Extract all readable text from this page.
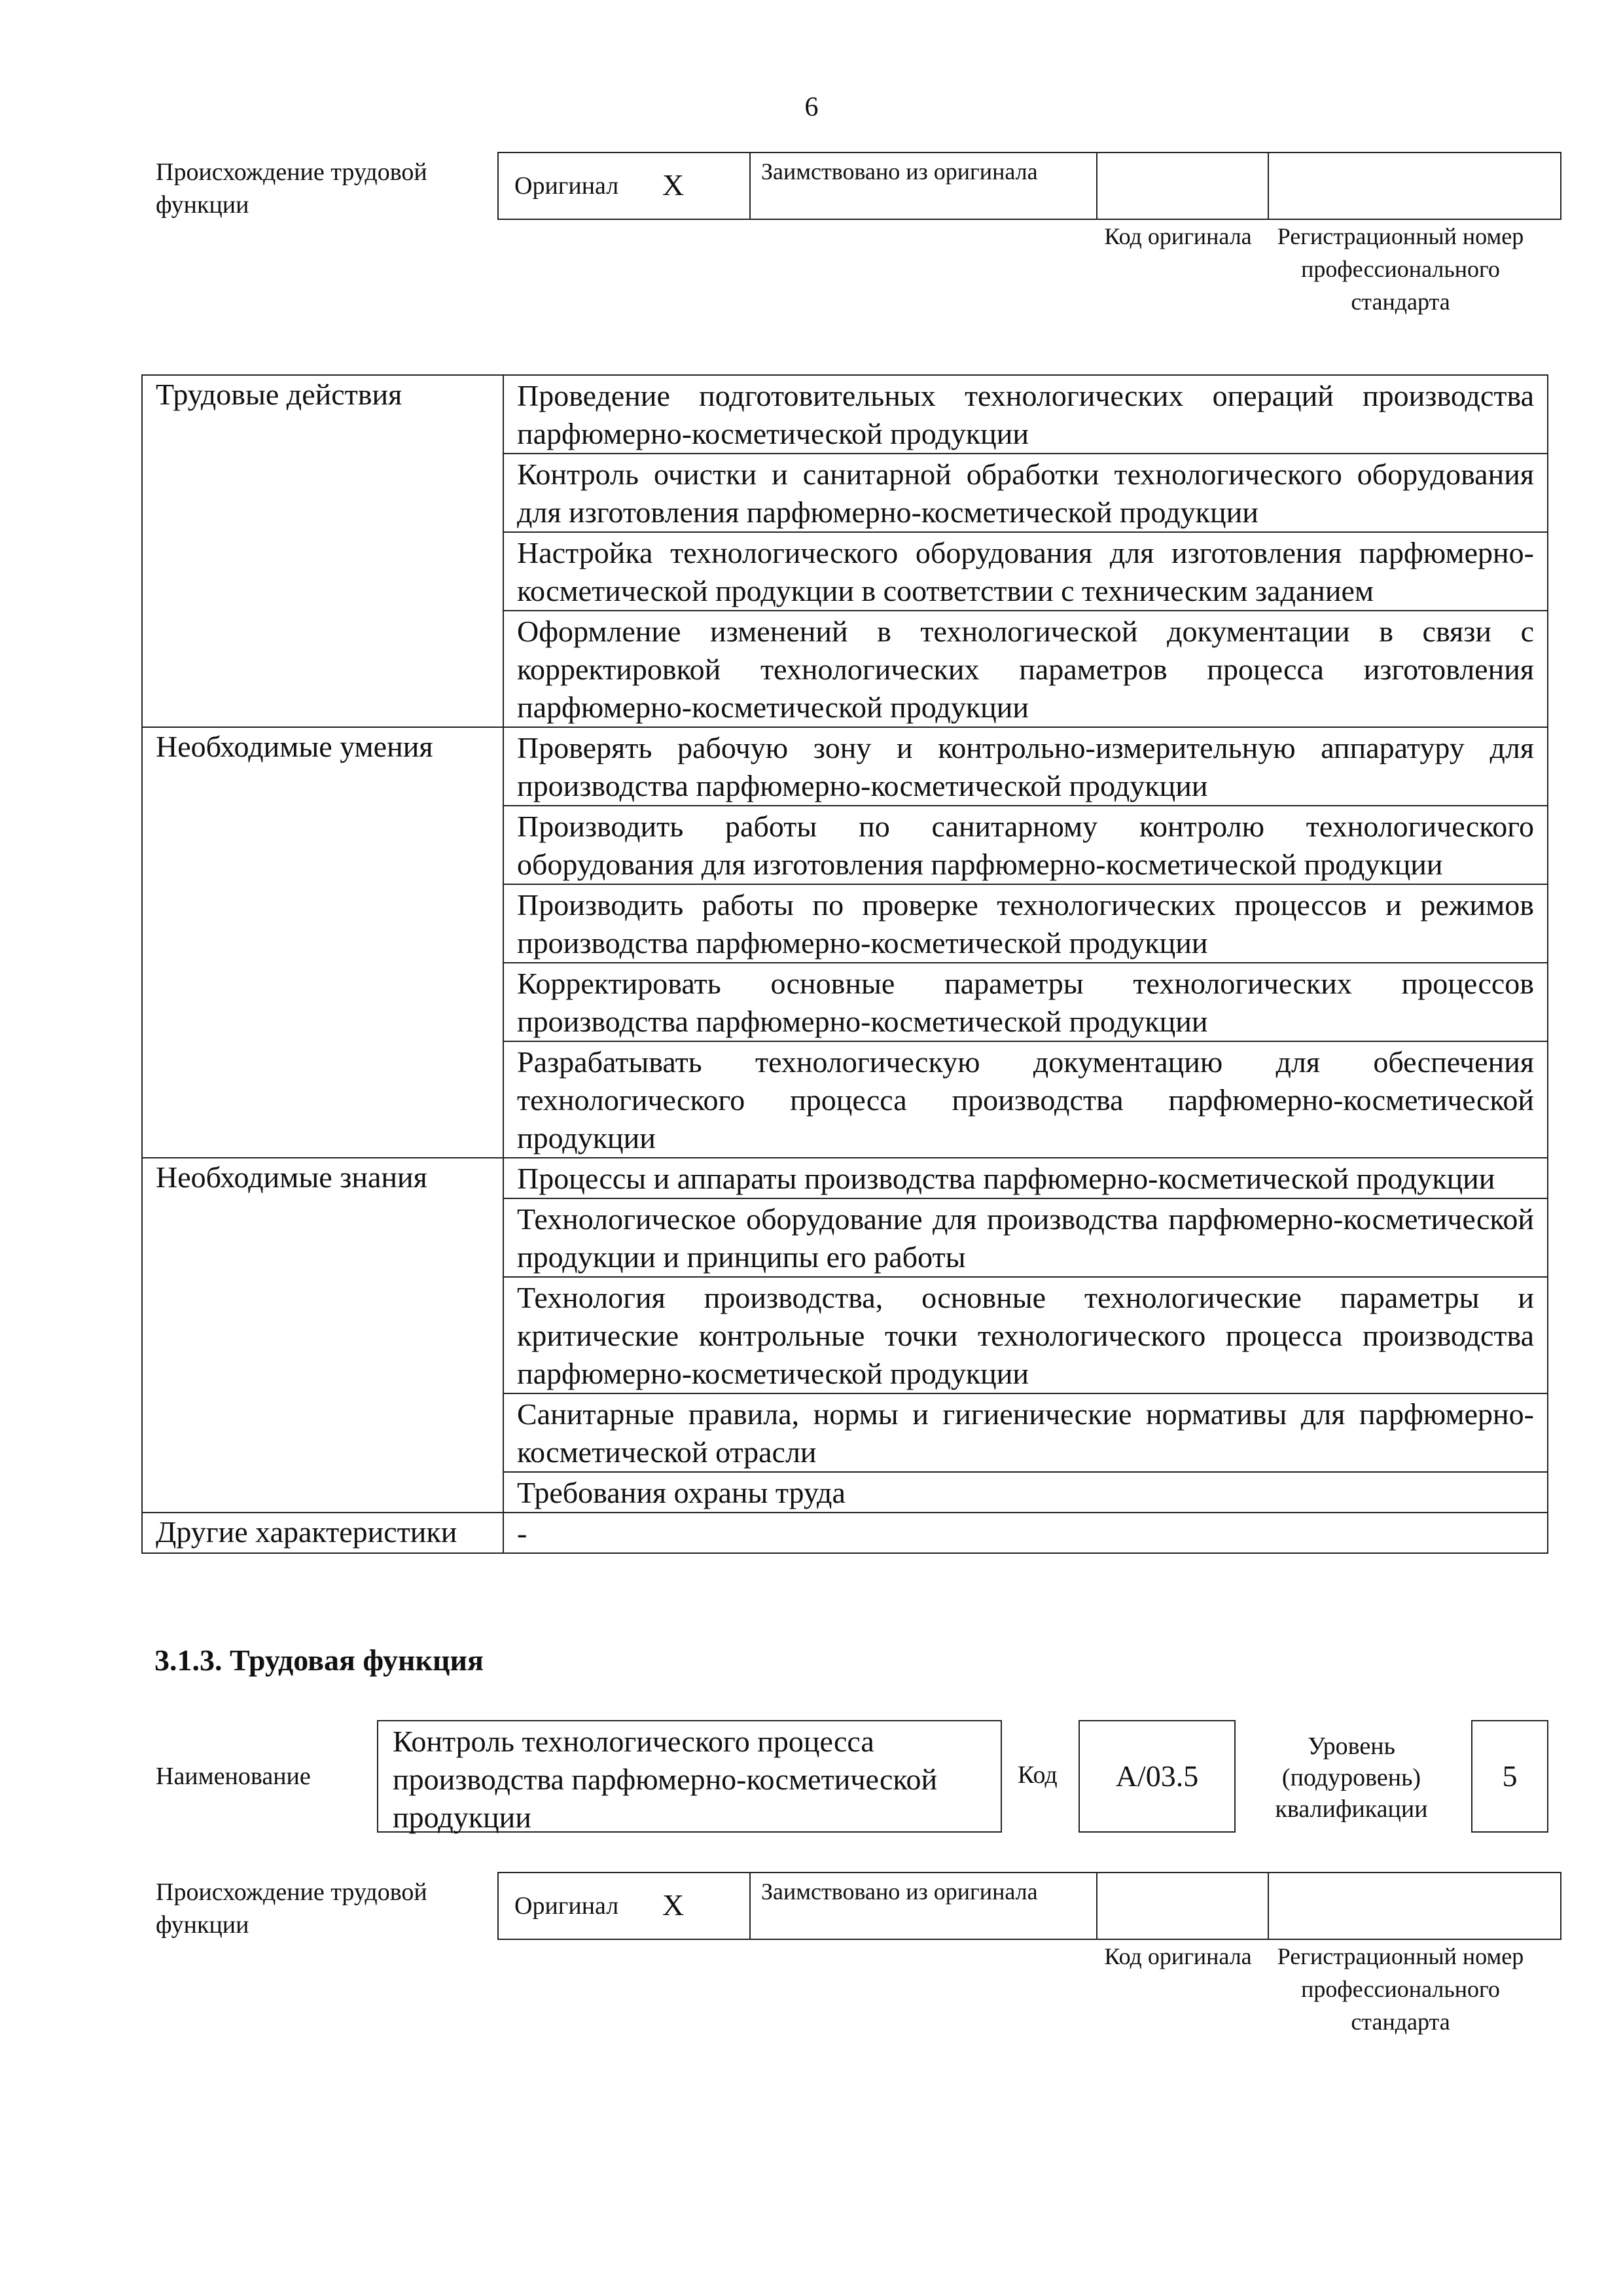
6
Происхождение трудовой функции
Оригинал X	Заимствовано из оригинала
Код оригинала	Регистрационный номер профессионального стандарта
Трудовые действия	Проведение подготовительных технологических операций производства парфюмерно-косметической продукции
	Контроль очистки и санитарной обработки технологического оборудования для изготовления парфюмерно-косметической продукции
	Настройка технологического оборудования для изготовления парфюмерно-косметической продукции в соответствии с техническим заданием
	Оформление изменений в технологической документации в связи с корректировкой технологических параметров процесса изготовления парфюмерно-косметической продукции
Необходимые умения	Проверять рабочую зону и контрольно-измерительную аппаратуру для производства парфюмерно-косметической продукции
	Производить работы по санитарному контролю технологического оборудования для изготовления парфюмерно-косметической продукции
	Производить работы по проверке технологических процессов и режимов производства парфюмерно-косметической продукции
	Корректировать основные параметры технологических процессов производства парфюмерно-косметической продукции
	Разрабатывать технологическую документацию для обеспечения технологического процесса производства парфюмерно-косметической продукции
Необходимые знания	Процессы и аппараты производства парфюмерно-косметической продукции
	Технологическое оборудование для производства парфюмерно-косметической продукции и принципы его работы
	Технология производства, основные технологические параметры и критические контрольные точки технологического процесса производства парфюмерно-косметической продукции
	Санитарные правила, нормы и гигиенические нормативы для парфюмерно-косметической отрасли
	Требования охраны труда
Другие характеристики	-
3.1.3. Трудовая функция
Наименование
Контроль технологического процесса производства парфюмерно-косметической продукции
Код	А/03.5
Уровень (подуровень) квалификации
5
Происхождение трудовой функции
Оригинал X	Заимствовано из оригинала
Код оригинала	Регистрационный номер профессионального стандарта
